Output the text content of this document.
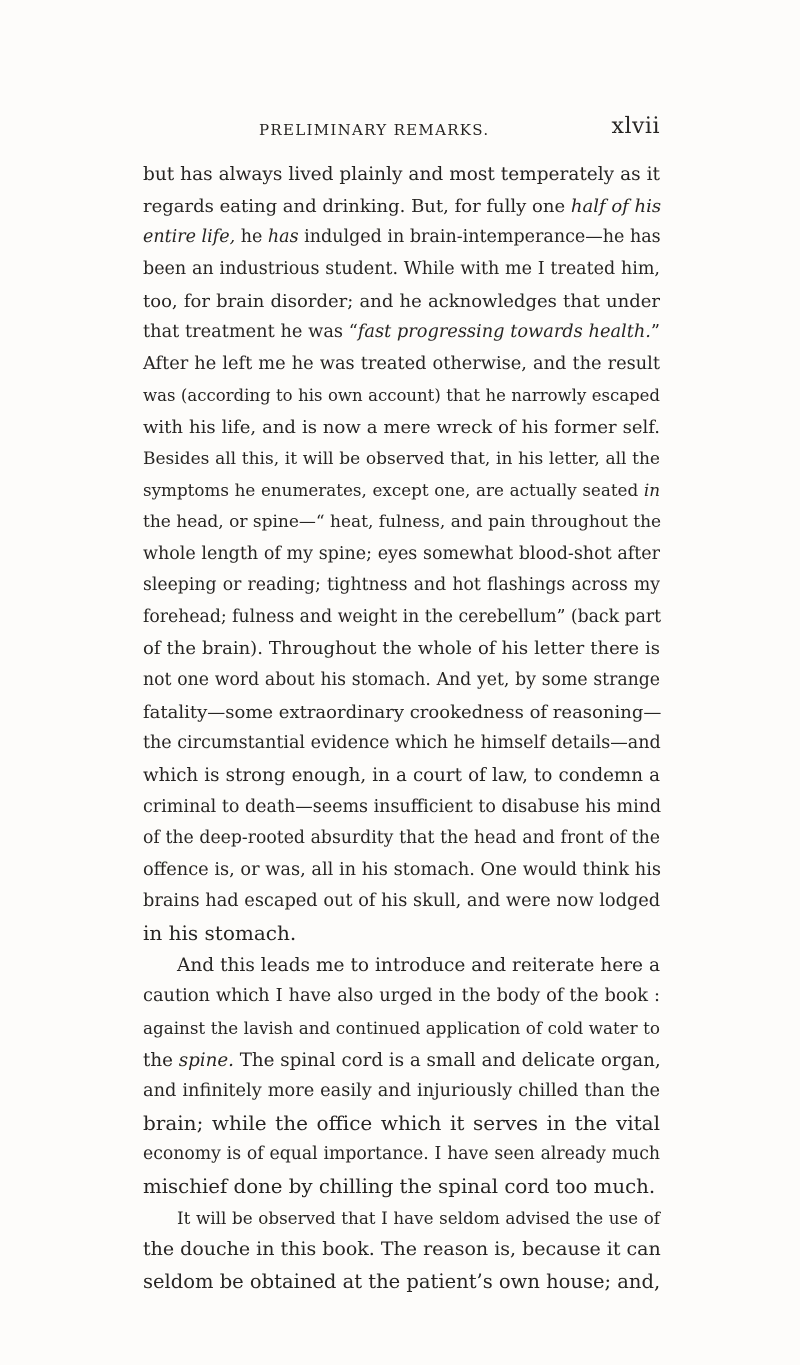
PRELIMINARY REMARKS.	xlvii
but has always lived plainly and most temperately as it
regards eating and drinking. But, for fully one half of his
entire life, he has indulged in brain-intemperance—he has
been an industrious student. While with me I treated him,
too, for brain disorder; and he acknowledges that under
that treatment he was “fast progressing towards health.”
After he left me he was treated otherwise, and the result
was (according to his own account) that he narrowly escaped
with his life, and is now a mere wreck of his former self.
Besides all this, it will be observed that, in his letter, all the
symptoms he enumerates, except one, are actually seated in
the head, or spine—“ heat, fulness, and pain throughout the
whole length of my spine; eyes somewhat blood-shot after
sleeping or reading; tightness and hot flashings across my
forehead; fulness and weight in the cerebellum” (back part
of the brain). Throughout the whole of his letter there is
not one word about his stomach. And yet, by some strange
fatality—some extraordinary crookedness of reasoning—
the circumstantial evidence which he himself details—and
which is strong enough, in a court of law, to condemn a
criminal to death—seems insufficient to disabuse his mind
of the deep-rooted absurdity that the head and front of the
offence is, or was, all in his stomach. One would think his
brains had escaped out of his skull, and were now lodged
in his stomach.
And this leads me to introduce and reiterate here a
caution which I have also urged in the body of the book :
against the lavish and continued application of cold water to
the spine. The spinal cord is a small and delicate organ,
and infinitely more easily and injuriously chilled than the
brain; while the office which it serves in the vital
economy is of equal importance. I have seen already much
mischief done by chilling the spinal cord too much.
It will be observed that I have seldom advised the use of
the douche in this book. The reason is, because it can
seldom be obtained at the patient’s own house; and,
